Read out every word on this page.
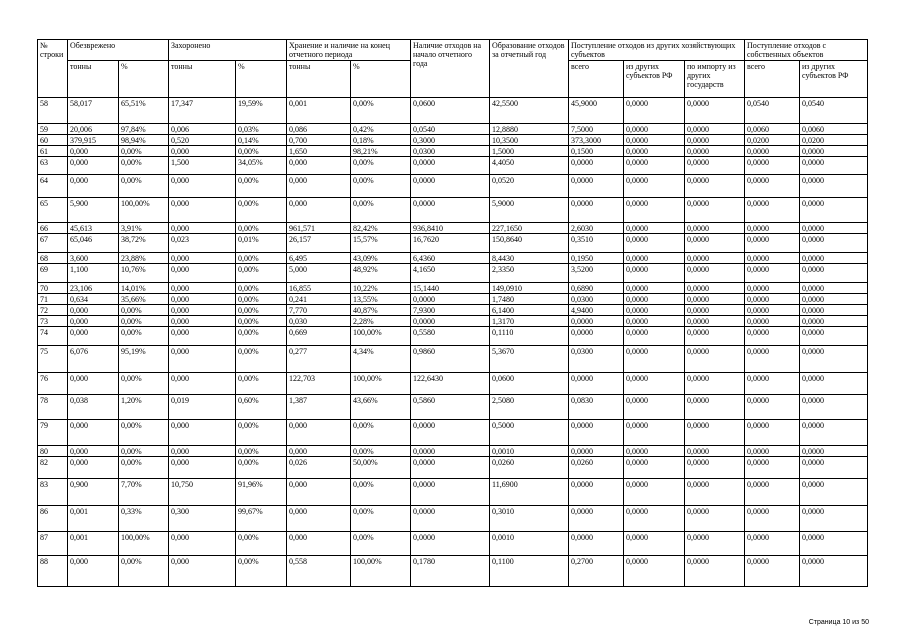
№ строки	Обезврежено		Захоронено		Хранение и наличие на конец отчетного периода		Наличие отходов на начало отчетного года	Образование отходов за отчетный год	Поступление отходов из других хозяйствующих субъектов			Поступление отходов с собственных объектов	
	тонны	%	тонны	%	тонны	%			всего	из других субъектов РФ	по импорту из других государств	всего	из других субъектов РФ
58	58,017	65,51%	17,347	19,59%	0,001	0,00%	0,0600	42,5500	45,9000	0,0000	0,0000	0,0540	0,0540
59	20,006	97,84%	0,006	0,03%	0,086	0,42%	0,0540	12,8880	7,5000	0,0000	0,0000	0,0060	0,0060
60	379,915	98,94%	0,520	0,14%	0,700	0,18%	0,3000	10,3500	373,3000	0,0000	0,0000	0,0200	0,0200
61	0,000	0,00%	0,000	0,00%	1,650	98,21%	0,0300	1,5000	0,1500	0,0000	0,0000	0,0000	0,0000
63	0,000	0,00%	1,500	34,05%	0,000	0,00%	0,0000	4,4050	0,0000	0,0000	0,0000	0,0000	0,0000
64	0,000	0,00%	0,000	0,00%	0,000	0,00%	0,0000	0,0520	0,0000	0,0000	0,0000	0,0000	0,0000
65	5,900	100,00%	0,000	0,00%	0,000	0,00%	0,0000	5,9000	0,0000	0,0000	0,0000	0,0000	0,0000
66	45,613	3,91%	0,000	0,00%	961,571	82,42%	936,8410	227,1650	2,6030	0,0000	0,0000	0,0000	0,0000
67	65,046	38,72%	0,023	0,01%	26,157	15,57%	16,7620	150,8640	0,3510	0,0000	0,0000	0,0000	0,0000
68	3,600	23,88%	0,000	0,00%	6,495	43,09%	6,4360	8,4430	0,1950	0,0000	0,0000	0,0000	0,0000
69	1,100	10,76%	0,000	0,00%	5,000	48,92%	4,1650	2,3350	3,5200	0,0000	0,0000	0,0000	0,0000
70	23,106	14,01%	0,000	0,00%	16,855	10,22%	15,1440	149,0910	0,6890	0,0000	0,0000	0,0000	0,0000
71	0,634	35,66%	0,000	0,00%	0,241	13,55%	0,0000	1,7480	0,0300	0,0000	0,0000	0,0000	0,0000
72	0,000	0,00%	0,000	0,00%	7,770	40,87%	7,9300	6,1400	4,9400	0,0000	0,0000	0,0000	0,0000
73	0,000	0,00%	0,000	0,00%	0,030	2,28%	0,0000	1,3170	0,0000	0,0000	0,0000	0,0000	0,0000
74	0,000	0,00%	0,000	0,00%	0,669	100,00%	0,5580	0,1110	0,0000	0,0000	0,0000	0,0000	0,0000
75	6,076	95,19%	0,000	0,00%	0,277	4,34%	0,9860	5,3670	0,0300	0,0000	0,0000	0,0000	0,0000
76	0,000	0,00%	0,000	0,00%	122,703	100,00%	122,6430	0,0600	0,0000	0,0000	0,0000	0,0000	0,0000
78	0,038	1,20%	0,019	0,60%	1,387	43,66%	0,5860	2,5080	0,0830	0,0000	0,0000	0,0000	0,0000
79	0,000	0,00%	0,000	0,00%	0,000	0,00%	0,0000	0,5000	0,0000	0,0000	0,0000	0,0000	0,0000
80	0,000	0,00%	0,000	0,00%	0,000	0,00%	0,0000	0,0010	0,0000	0,0000	0,0000	0,0000	0,0000
82	0,000	0,00%	0,000	0,00%	0,026	50,00%	0,0000	0,0260	0,0260	0,0000	0,0000	0,0000	0,0000
83	0,900	7,70%	10,750	91,96%	0,000	0,00%	0,0000	11,6900	0,0000	0,0000	0,0000	0,0000	0,0000
86	0,001	0,33%	0,300	99,67%	0,000	0,00%	0,0000	0,3010	0,0000	0,0000	0,0000	0,0000	0,0000
87	0,001	100,00%	0,000	0,00%	0,000	0,00%	0,0000	0,0010	0,0000	0,0000	0,0000	0,0000	0,0000
88	0,000	0,00%	0,000	0,00%	0,558	100,00%	0,1780	0,1100	0,2700	0,0000	0,0000	0,0000	0,0000
Страница 10 из 50
